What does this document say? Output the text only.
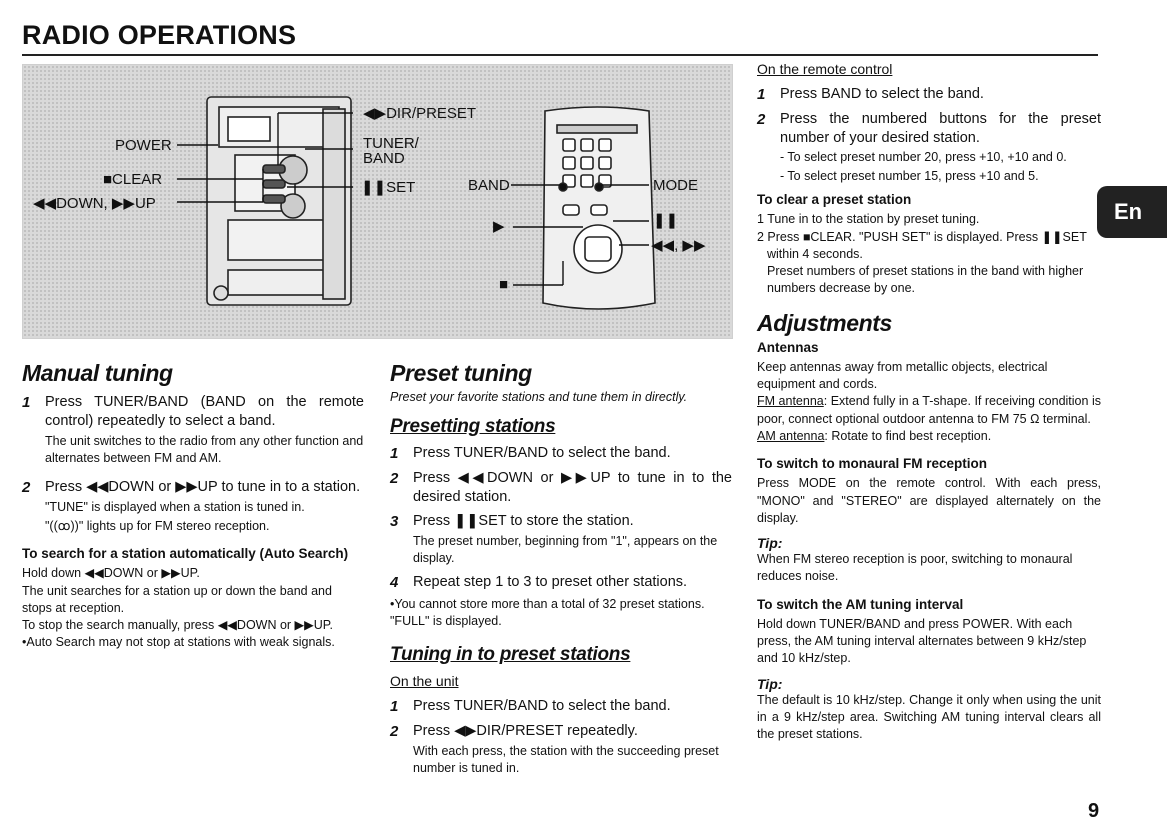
RADIO OPERATIONS
POWER
■CLEAR
◀◀DOWN, ▶▶UP
◀▶DIR/PRESET
TUNER/
BAND
❚❚SET	BAND	MODE
▶	❚❚
◀◀, ▶▶
■
Manual tuning
1	Press TUNER/BAND (BAND on the remote control) repeatedly to select a band.
The unit switches to the radio from any other function and alternates between FM and AM.
2	Press ◀◀DOWN or ▶▶UP to tune in to a station.
"TUNE" is displayed when a station is tuned in.
"((ꝏ))" lights up for FM stereo reception.
To search for a station automatically (Auto Search)
Hold down ◀◀DOWN or ▶▶UP.
The unit searches for a station up or down the band and stops at reception.
To stop the search manually, press ◀◀DOWN or ▶▶UP.
• Auto Search may not stop at stations with weak signals.
Preset tuning
Preset your favorite stations and tune them in directly.
Presetting stations
1	Press TUNER/BAND to select the band.
2	Press ◀◀DOWN or ▶▶UP to tune in to the desired station.
3	Press ❚❚SET to store the station.
The preset number, beginning from "1", appears on the display.
4	Repeat step 1 to 3 to preset other stations.
• You cannot store more than a total of 32 preset stations.
"FULL" is displayed.
Tuning in to preset stations
On the unit
1	Press TUNER/BAND to select the band.
2	Press ◀▶DIR/PRESET repeatedly.
With each press, the station with the succeeding preset number is tuned in.
On the remote control
1	Press BAND to select the band.
2	Press the numbered buttons for the preset number of your desired station.
- To select preset number 20, press +10, +10 and 0.
- To select preset number 15, press +10 and 5.
To clear a preset station
1 Tune in to the station by preset tuning.
2 Press ■CLEAR. "PUSH SET" is displayed. Press ❚❚SET
within 4 seconds.
Preset numbers of preset stations in the band with higher numbers decrease by one.
Adjustments
Antennas
Keep antennas away from metallic objects, electrical equipment and cords.
FM antenna: Extend fully in a T-shape. If receiving condition is poor, connect optional outdoor antenna to FM 75 Ω terminal.
AM antenna: Rotate to find best reception.
To switch to monaural FM reception
Press MODE on the remote control. With each press, "MONO" and "STEREO" are displayed alternately on the display.
Tip:
When FM stereo reception is poor, switching to monaural reduces noise.
To switch the AM tuning interval
Hold down TUNER/BAND and press POWER. With each press, the AM tuning interval alternates between 9 kHz/step and 10 kHz/step.
Tip:
The default is 10 kHz/step. Change it only when using the unit in a 9 kHz/step area. Switching AM tuning interval clears all the preset stations.
En
9
